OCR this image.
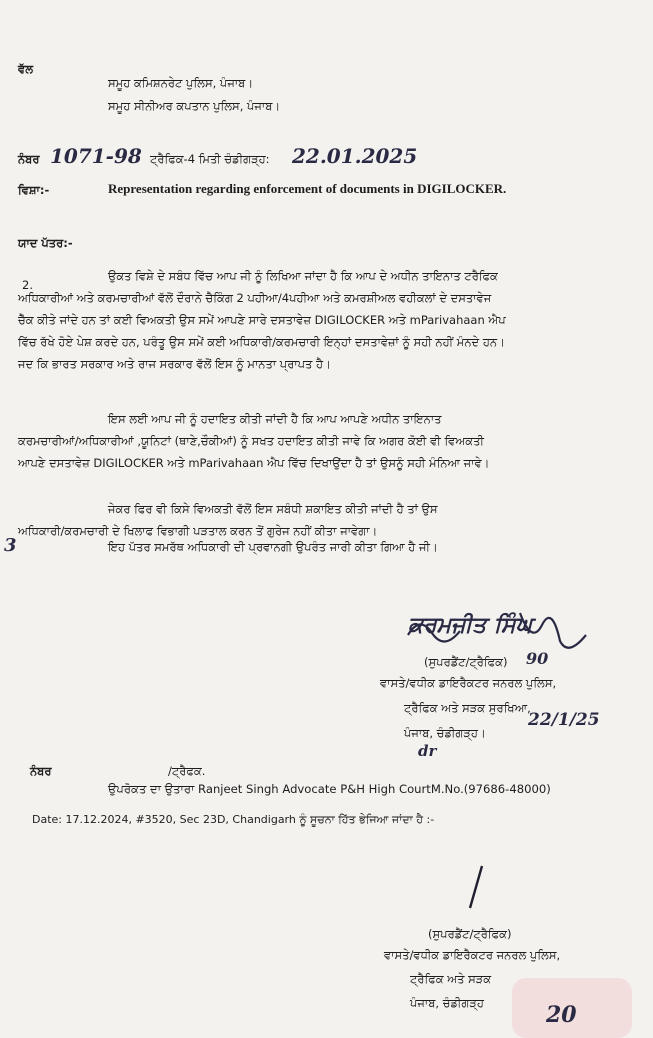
ਵੱਲ
ਸਮੂਹ ਕਮਿਸ਼ਨਰੇਟ ਪੁਲਿਸ, ਪੰਜਾਬ।
ਸਮੂਹ ਸੀਨੀਅਰ ਕਪਤਾਨ ਪੁਲਿਸ, ਪੰਜਾਬ।
ਨੰਬਰ 1071-98 ਟ੍ਰੈਫਿਕ-4 ਮਿਤੀ ਚੰਡੀਗੜ੍ਹ: 22.01.2025
ਵਿਸ਼ਾ:-	Representation regarding enforcement of documents in DIGILOCKER.
ਯਾਦ ਪੱਤਰ:-
2.
ਉਕਤ ਵਿਸ਼ੇ ਦੇ ਸਬੰਧ ਵਿੱਚ ਆਪ ਜੀ ਨੂੰ ਲਿਖਿਆ ਜਾਂਦਾ ਹੈ ਕਿ ਆਪ ਦੇ ਅਧੀਨ ਤਾਇਨਾਤ ਟਰੈਫਿਕ
ਅਧਿਕਾਰੀਆਂ ਅਤੇ ਕਰਮਚਾਰੀਆਂ ਵੱਲੋਂ ਦੌਰਾਨੇ ਚੈਕਿੰਗ 2 ਪਹੀਆ/4ਪਹੀਆ ਅਤੇ ਕਮਰਸ਼ੀਅਲ ਵਹੀਕਲਾਂ ਦੇ ਦਸਤਾਵੇਜ
ਚੈੱਕ ਕੀਤੇ ਜਾਂਦੇ ਹਨ ਤਾਂ ਕਈ ਵਿਅਕਤੀ ਉਸ ਸਮੇਂ ਆਪਣੇ ਸਾਰੇ ਦਸਤਾਵੇਜ਼ DIGILOCKER ਅਤੇ mParivahaan ਐਪ
ਵਿੱਚ ਰੱਖੇ ਹੋਏ ਪੇਸ਼ ਕਰਦੇ ਹਨ, ਪਰੰਤੂ ਉਸ ਸਮੇਂ ਕਈ ਅਧਿਕਾਰੀ/ਕਰਮਚਾਰੀ ਇਨ੍ਹਾਂ ਦਸਤਾਵੇਜ਼ਾਂ ਨੂੰ ਸਹੀ ਨਹੀਂ ਮੰਨਦੇ ਹਨ।
ਜਦ ਕਿ ਭਾਰਤ ਸਰਕਾਰ ਅਤੇ ਰਾਜ ਸਰਕਾਰ ਵੱਲੋਂ ਇਸ ਨੂੰ ਮਾਨਤਾ ਪ੍ਰਾਪਤ ਹੈ।
ਇਸ ਲਈ ਆਪ ਜੀ ਨੂੰ ਹਦਾਇਤ ਕੀਤੀ ਜਾਂਦੀ ਹੈ ਕਿ ਆਪ ਆਪਣੇ ਅਧੀਨ ਤਾਇਨਾਤ
ਕਰਮਚਾਰੀਆਂ/ਅਧਿਕਾਰੀਆਂ ,ਯੂਨਿਟਾਂ (ਥਾਣੇ,ਚੌਕੀਆਂ) ਨੂੰ ਸਖਤ ਹਦਾਇਤ ਕੀਤੀ ਜਾਵੇ ਕਿ ਅਗਰ ਕੋਈ ਵੀ ਵਿਅਕਤੀ
ਆਪਣੇ ਦਸਤਾਵੇਜ਼ DIGILOCKER ਅਤੇ mParivahaan ਐਪ ਵਿੱਚ ਦਿਖਾਉਂਦਾ ਹੈ ਤਾਂ ਉਸਨੂੰ ਸਹੀ ਮੰਨਿਆ ਜਾਵੇ।
ਜੇਕਰ ਫਿਰ ਵੀ ਕਿਸੇ ਵਿਅਕਤੀ ਵੱਲੋਂ ਇਸ ਸਬੰਧੀ ਸ਼ਕਾਇਤ ਕੀਤੀ ਜਾਂਦੀ ਹੈ ਤਾਂ ਉਸ
ਅਧਿਕਾਰੀ/ਕਰਮਚਾਰੀ ਦੇ ਖਿਲਾਫ ਵਿਭਾਗੀ ਪੜਤਾਲ ਕਰਨ ਤੋਂ ਗੁਰੇਜ ਨਹੀਂ ਕੀਤਾ ਜਾਵੇਗਾ।
ਇਹ ਪੱਤਰ ਸਮਰੱਥ ਅਧਿਕਾਰੀ ਦੀ ਪ੍ਰਵਾਨਗੀ ਉਪਰੰਤ ਜਾਰੀ ਕੀਤਾ ਗਿਆ ਹੈ ਜੀ।
3
ਕਰਮਜੀਤ ਸਿੰਘ
90
(ਸੁਪਰਡੈਂਟ/ਟ੍ਰੈਫਿਕ)
ਵਾਸਤੇ/ਵਧੀਕ ਡਾਇਰੈਕਟਰ ਜਨਰਲ ਪੁਲਿਸ,
ਟ੍ਰੈਫਿਕ ਅਤੇ ਸੜਕ ਸੁਰਖਿਆ,
22/1/25
ਪੰਜਾਬ, ਚੰਡੀਗੜ੍ਹ।
dr
ਨੰਬਰ	/ਟ੍ਰੈਫਕ.
ਉਪਰੋਕਤ ਦਾ ਉਤਾਰਾ Ranjeet Singh Advocate P&H High CourtM.No.(97686-48000)
Date: 17.12.2024, #3520, Sec 23D, Chandigarh ਨੂੰ ਸੂਚਨਾ ਹਿੱਤ ਭੇਜਿਆ ਜਾਂਦਾ ਹੈ :-
(ਸੁਪਰਡੈਂਟ/ਟ੍ਰੈਫਿਕ)
ਵਾਸਤੇ/ਵਧੀਕ ਡਾਇਰੈਕਟਰ ਜਨਰਲ ਪੁਲਿਸ,
ਟ੍ਰੈਫਿਕ ਅਤੇ ਸੜਕ
ਪੰਜਾਬ, ਚੰਡੀਗੜ੍ਹ	20
